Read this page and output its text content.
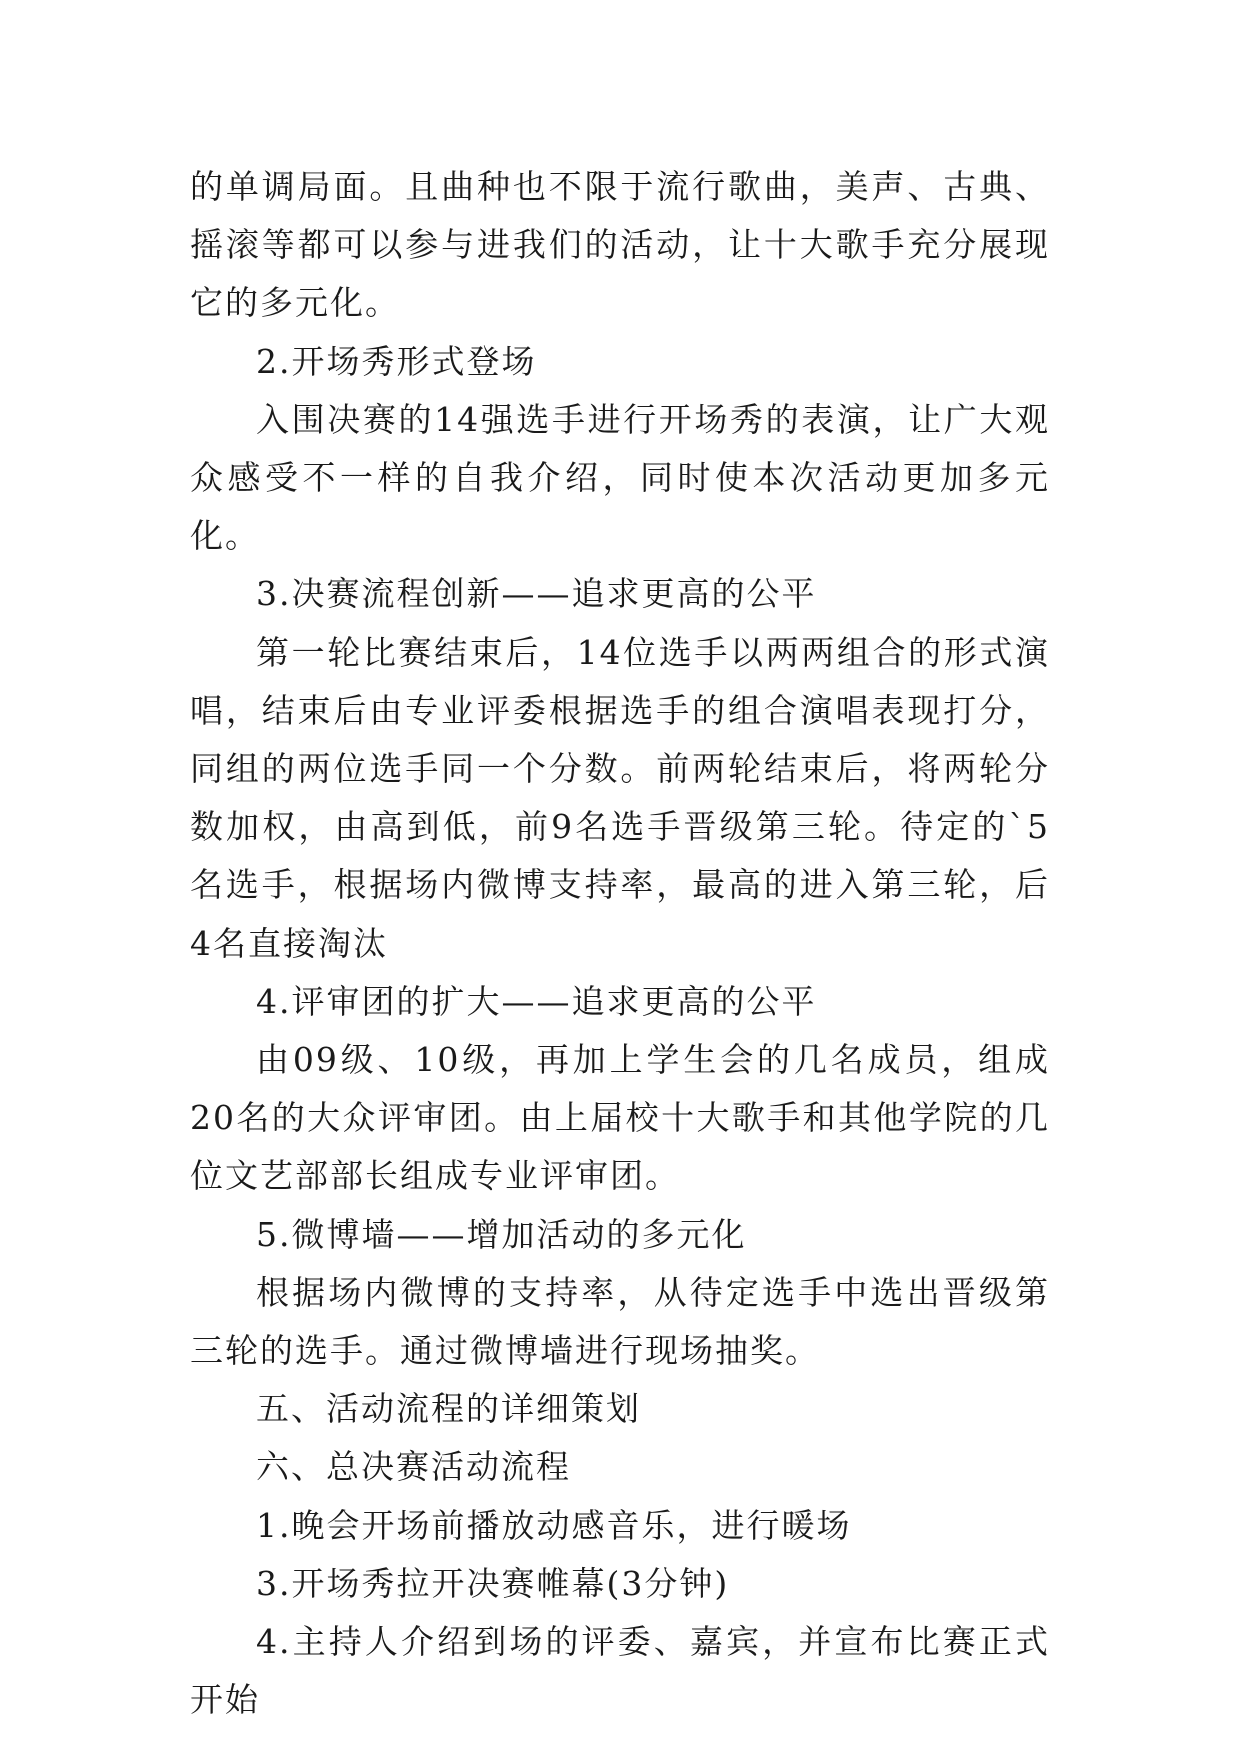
的单调局面。且曲种也不限于流行歌曲，美声、古典、摇滚等都可以参与进我们的活动，让十大歌手充分展现它的多元化。

2.开场秀形式登场

入围决赛的14强选手进行开场秀的表演，让广大观众感受不一样的自我介绍，同时使本次活动更加多元化。

3.决赛流程创新——追求更高的公平

第一轮比赛结束后，14位选手以两两组合的形式演唱，结束后由专业评委根据选手的组合演唱表现打分，同组的两位选手同一个分数。前两轮结束后，将两轮分数加权，由高到低，前9名选手晋级第三轮。待定的`5名选手，根据场内微博支持率，最高的进入第三轮，后4名直接淘汰

4.评审团的扩大——追求更高的公平

由09级、10级，再加上学生会的几名成员，组成20名的大众评审团。由上届校十大歌手和其他学院的几位文艺部部长组成专业评审团。

5.微博墙——增加活动的多元化

根据场内微博的支持率，从待定选手中选出晋级第三轮的选手。通过微博墙进行现场抽奖。

五、活动流程的详细策划

六、总决赛活动流程

1.晚会开场前播放动感音乐，进行暖场

3.开场秀拉开决赛帷幕(3分钟)

4.主持人介绍到场的评委、嘉宾，并宣布比赛正式开始
